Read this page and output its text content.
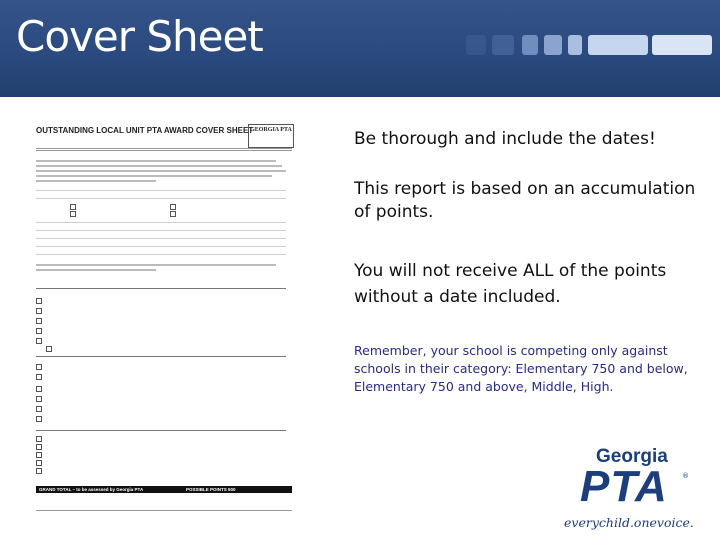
Cover Sheet
OUTSTANDING LOCAL UNIT PTA AWARD COVER SHEET
GEORGIA PTA
GRAND TOTAL – to be assessed by Georgia PTA	POSSIBLE POINTS 500
Be thorough and include the dates!
This report is based on an accumulation of points.
You will not receive ALL of the points without a date included.
Remember, your school is competing only against schools in their category: Elementary 750 and below, Elementary 750 and above, Middle, High.
Georgia
PTA ®
everychild.onevoice.
